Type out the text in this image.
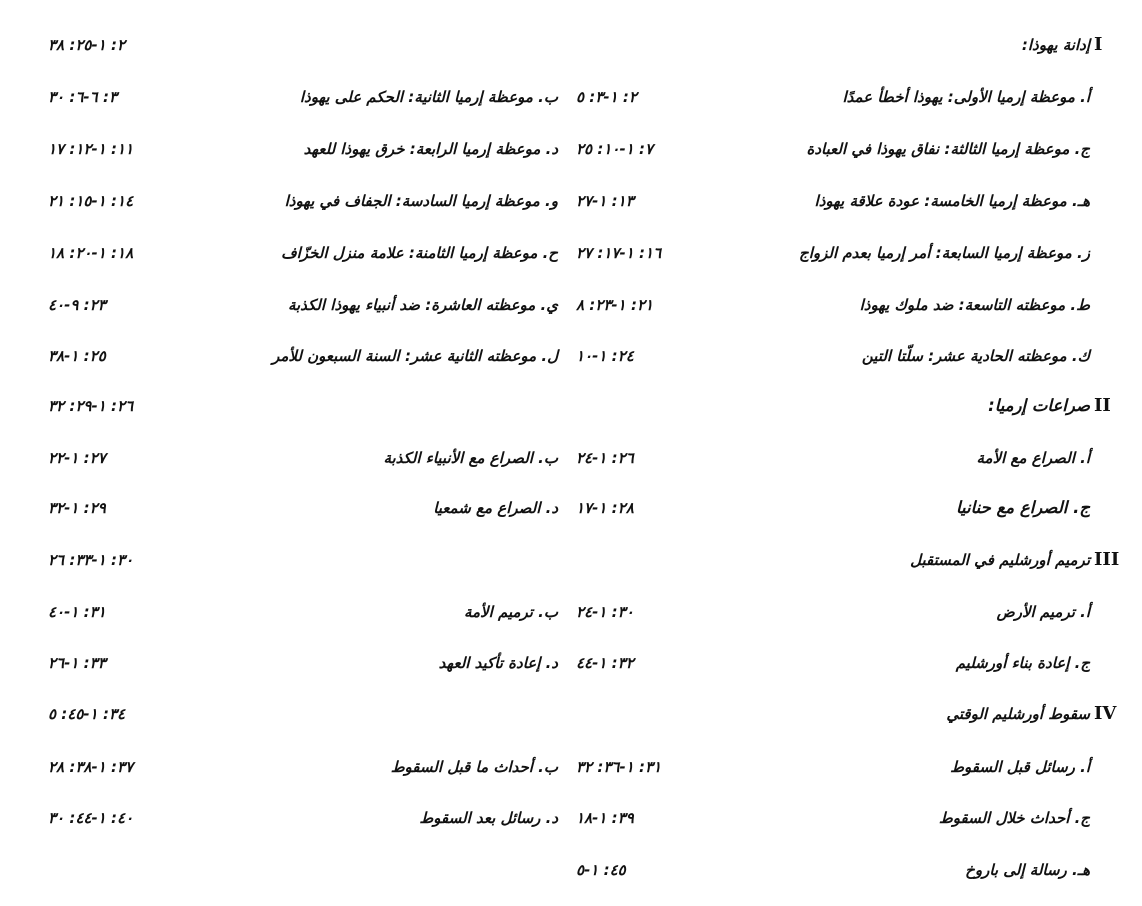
I
إدانة يهوذا:
٢: ١-٢٥: ٣٨
أ. موعظة إرميا الأولى: يهوذا أخطأ عمدًا
٢: ١-٣: ٥
ب. موعظة إرميا الثانية: الحكم على يهوذا
٣: ٦-٦: ٣٠
ج. موعظة إرميا الثالثة: نفاق يهوذا في العبادة
٧: ١-١٠: ٢٥
د. موعظة إرميا الرابعة: خرق يهوذا للعهد
١١: ١-١٢: ١٧
هـ. موعظة إرميا الخامسة: عودة علاقة يهوذا
١٣: ١-٢٧
و. موعظة إرميا السادسة: الجفاف في يهوذا
١٤: ١-١٥: ٢١
ز. موعظة إرميا السابعة: أمر إرميا بعدم الزواج
١٦: ١-١٧: ٢٧
ح. موعظة إرميا الثامنة: علامة منزل الخزّاف
١٨: ١-٢٠: ١٨
ط. موعظته التاسعة: ضد ملوك يهوذا
٢١: ١-٢٣: ٨
ي. موعظته العاشرة: ضد أنبياء يهوذا الكذبة
٢٣: ٩-٤٠
ك. موعظته الحادية عشر: سلّتا التين
٢٤: ١-١٠
ل. موعظته الثانية عشر: السنة السبعون للأمر
٢٥: ١-٣٨
II
صراعات إرميا:
٢٦: ١-٢٩: ٣٢
أ. الصراع مع الأمة
٢٦: ١-٢٤
ب. الصراع مع الأنبياء الكذبة
٢٧: ١-٢٢
ج. الصراع مع حنانيا
٢٨: ١-١٧
د. الصراع مع شمعيا
٢٩: ١-٣٢
III
ترميم أورشليم في المستقبل
٣٠: ١-٣٣: ٢٦
أ. ترميم الأرض
٣٠: ١-٢٤
ب. ترميم الأمة
٣١: ١-٤٠
ج. إعادة بناء أورشليم
٣٢: ١-٤٤
د. إعادة تأكيد العهد
٣٣: ١-٢٦
IV
سقوط أورشليم الوقتي
٣٤: ١-٤٥: ٥
أ. رسائل قبل السقوط
٣١: ١-٣٦: ٣٢
ب. أحداث ما قبل السقوط
٣٧: ١-٣٨: ٢٨
ج. أحداث خلال السقوط
٣٩: ١-١٨
د. رسائل بعد السقوط
٤٠: ١-٤٤: ٣٠
هـ. رسالة إلى باروخ
٤٥: ١-٥
